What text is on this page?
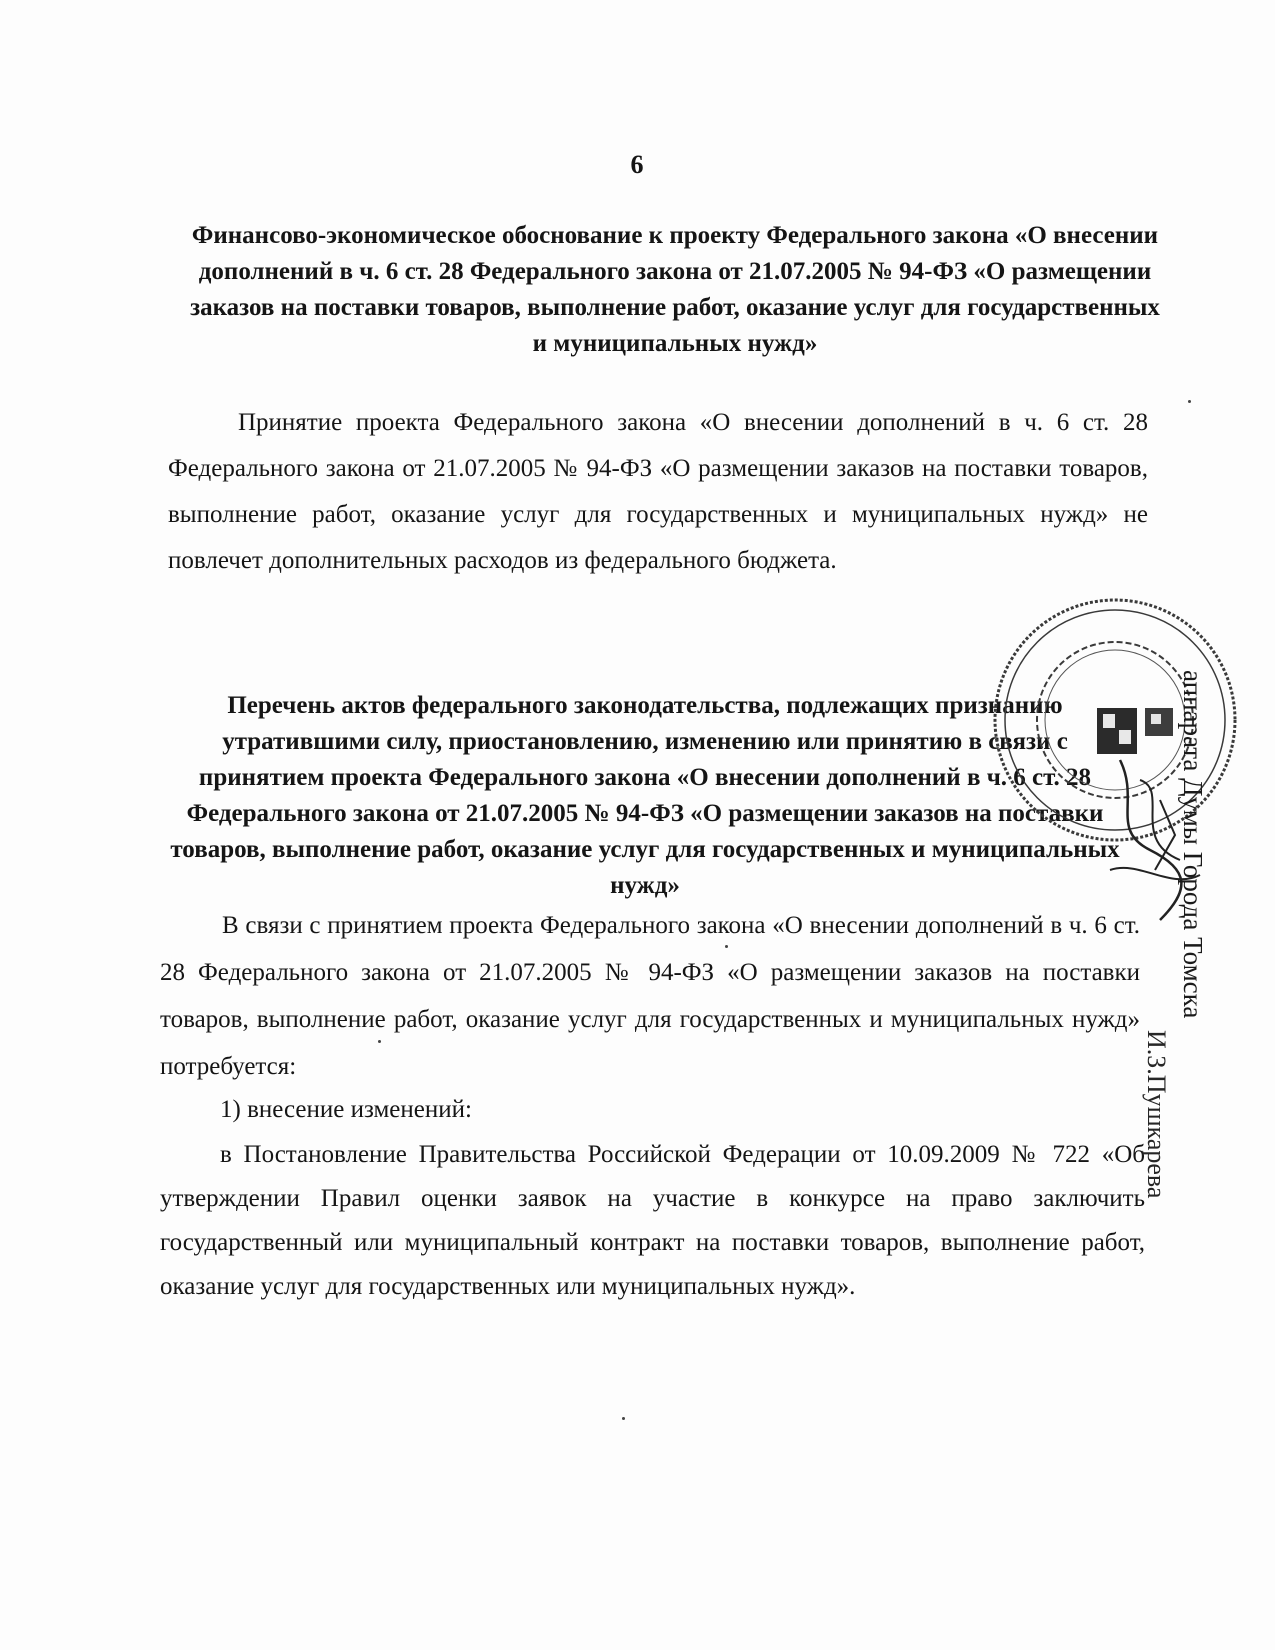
6
Финансово-экономическое обоснование к проекту Федерального закона «О внесении дополнений в ч. 6 ст. 28 Федерального закона от 21.07.2005 № 94-ФЗ «О размещении заказов на поставки товаров, выполнение работ, оказание услуг для государственных и муниципальных нужд»
Принятие проекта Федерального закона «О внесении дополнений в ч. 6 ст. 28 Федерального закона от 21.07.2005 № 94-ФЗ «О размещении заказов на поставки товаров, выполнение работ, оказание услуг для государственных и муниципальных нужд» не повлечет дополнительных расходов из федерального бюджета.
Перечень актов федерального законодательства, подлежащих признанию утратившими силу, приостановлению, изменению или принятию в связи с принятием проекта Федерального закона «О внесении дополнений в ч. 6 ст. 28 Федерального закона от 21.07.2005 № 94-ФЗ «О размещении заказов на поставки товаров, выполнение работ, оказание услуг для государственных и муниципальных нужд»
В связи с принятием проекта Федерального закона «О внесении дополнений в ч. 6 ст. 28 Федерального закона от 21.07.2005 № 94-ФЗ «О размещении заказов на поставки товаров, выполнение работ, оказание услуг для государственных и муниципальных нужд» потребуется:
1) внесение изменений:
в Постановление Правительства Российской Федерации от 10.09.2009 № 722 «Об утверждении Правил оценки заявок на участие в конкурсе на право заключить государственный или муниципальный контракт на поставки товаров, выполнение работ, оказание услуг для государственных или муниципальных нужд».
аппарата Думы Города Томска
И.З.Пушкарева
